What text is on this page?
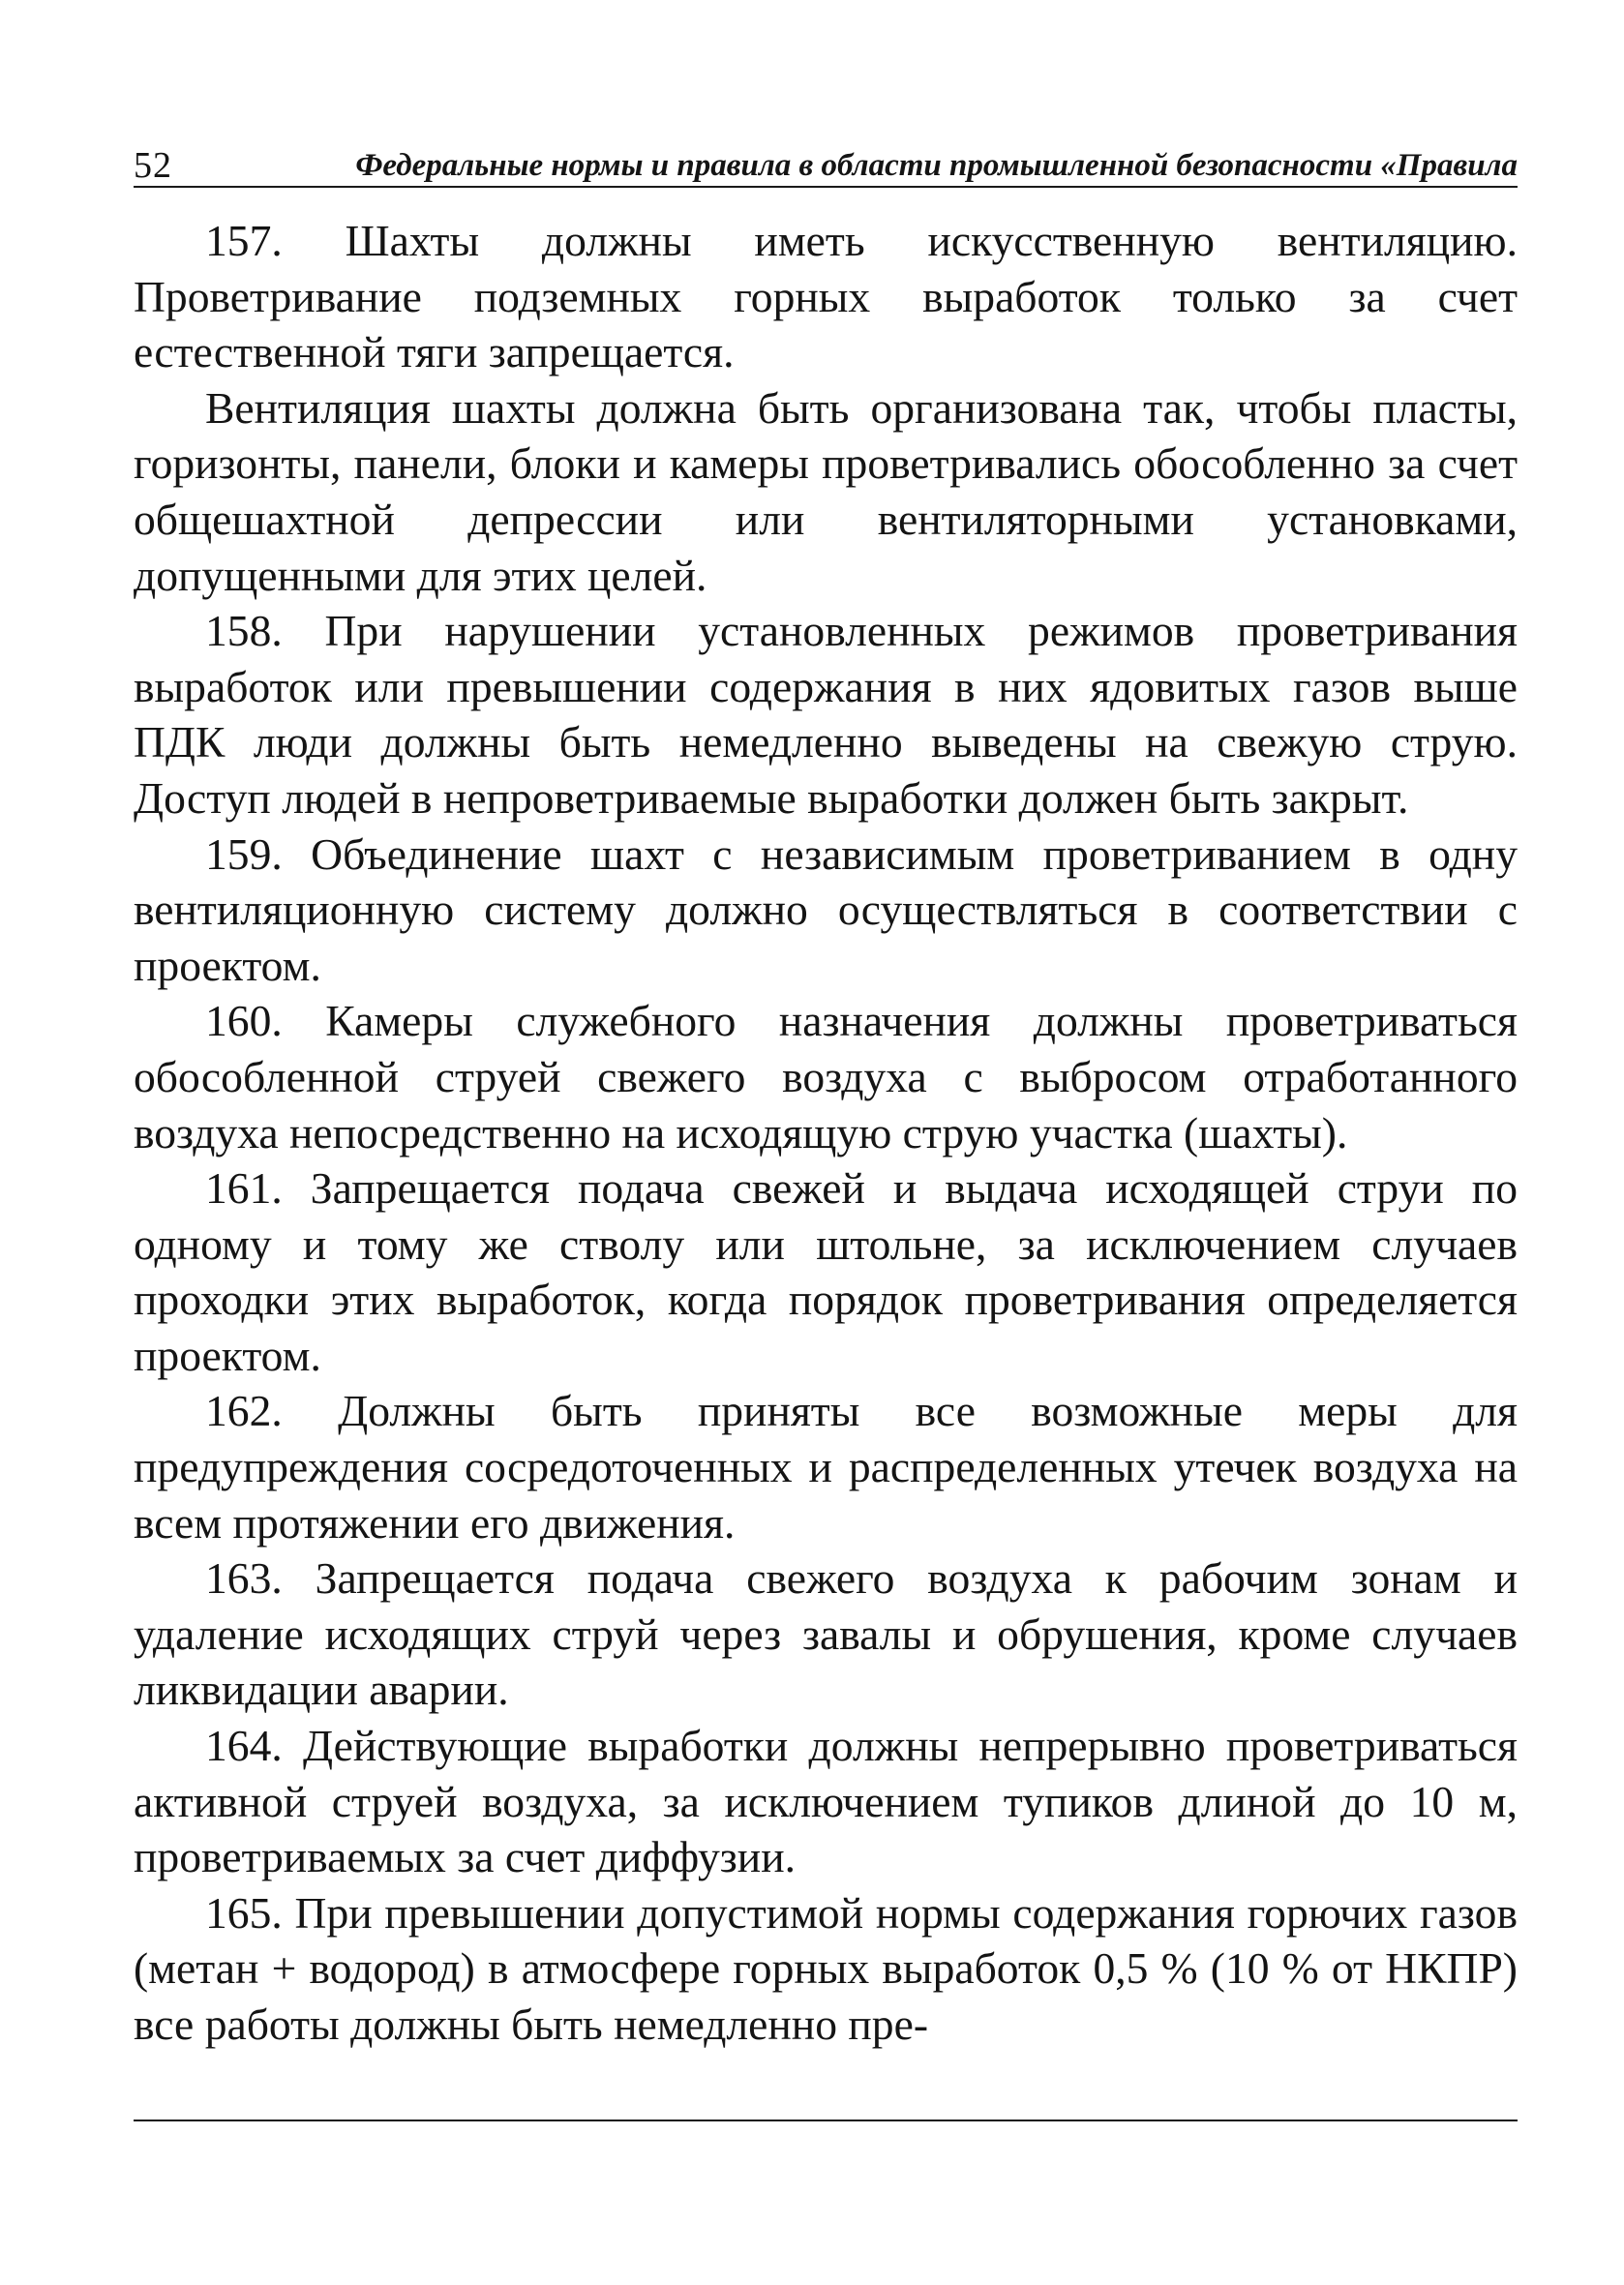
52	Федеральные нормы и правила в области промышленной безопасности «Правила

157. Шахты должны иметь искусственную вентиляцию. Проветривание подземных горных выработок только за счет естественной тяги запрещается.

Вентиляция шахты должна быть организована так, чтобы пласты, горизонты, панели, блоки и камеры проветривались обособленно за счет общешахтной депрессии или вентиляторными установками, допущенными для этих целей.

158. При нарушении установленных режимов проветривания выработок или превышении содержания в них ядовитых газов выше ПДК люди должны быть немедленно выведены на свежую струю. Доступ людей в непроветриваемые выработки должен быть закрыт.

159. Объединение шахт с независимым проветриванием в одну вентиляционную систему должно осуществляться в соответствии с проектом.

160. Камеры служебного назначения должны проветриваться обособленной струей свежего воздуха с выбросом отработанного воздуха непосредственно на исходящую струю участка (шахты).

161. Запрещается подача свежей и выдача исходящей струи по одному и тому же стволу или штольне, за исключением случаев проходки этих выработок, когда порядок проветривания определяется проектом.

162. Должны быть приняты все возможные меры для предупреждения сосредоточенных и распределенных утечек воздуха на всем протяжении его движения.

163. Запрещается подача свежего воздуха к рабочим зонам и удаление исходящих струй через завалы и обрушения, кроме случаев ликвидации аварии.

164. Действующие выработки должны непрерывно проветриваться активной струей воздуха, за исключением тупиков длиной до 10 м, проветриваемых за счет диффузии.

165. При превышении допустимой нормы содержания горючих газов (метан + водород) в атмосфере горных выработок 0,5 % (10 % от НКПР) все работы должны быть немедленно пре-
